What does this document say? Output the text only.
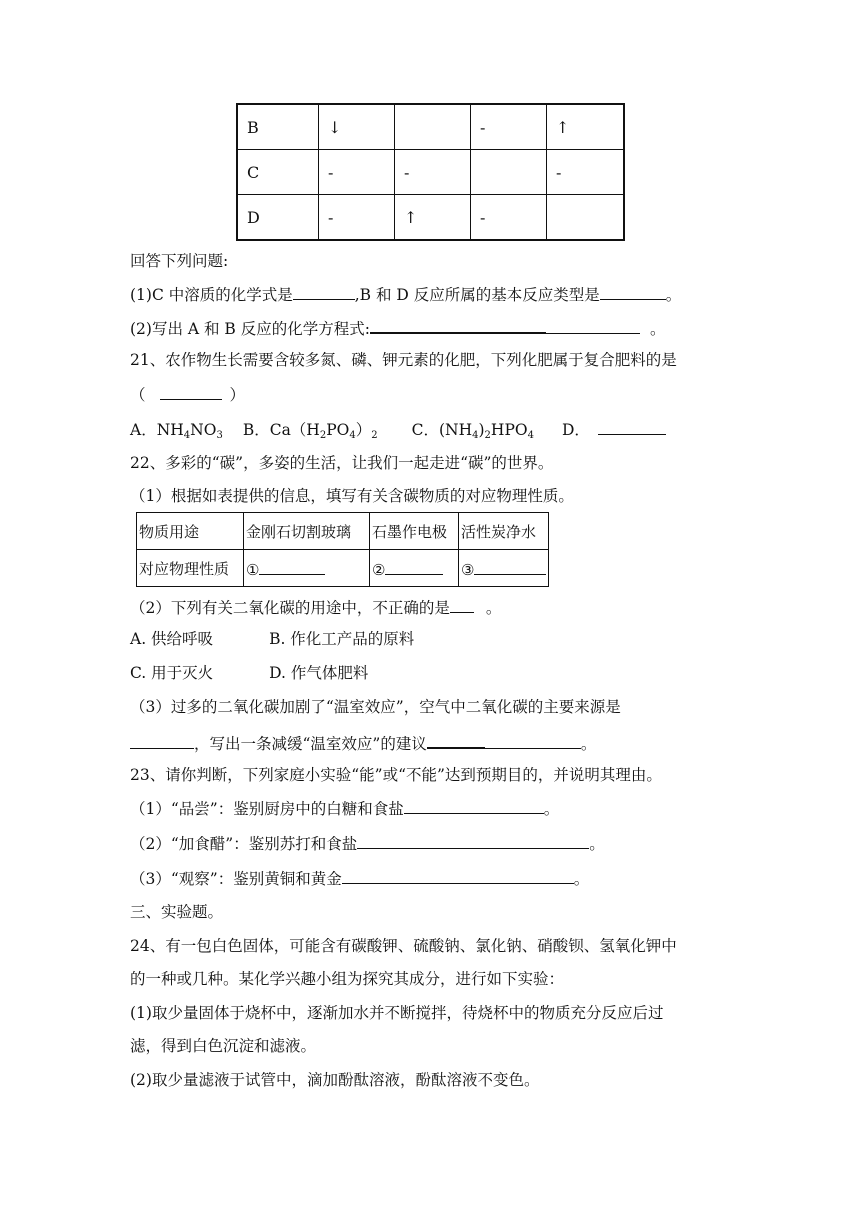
B	↓		-	↑
C	-	-		-
D	-	↑	-	
回答下列问题:
(1)C 中溶质的化学式是	,B 和 D 反应所属的基本反应类型是	。
(2)写出 A 和 B 反应的化学方程式:	。
21、农作物生长需要含较多氮、磷、钾元素的化肥，下列化肥属于复合肥料的是
（	）
A．$NH_4NO_3$ B．$Ca(H_2PO_4)_2$ C．$(NH_4)_2HPO_4$ D．
22、多彩的“碳”，多姿的生活，让我们一起走进“碳”的世界。
（1）根据如表提供的信息，填写有关含碳物质的对应物理性质。
物质用途	金刚石切割玻璃	石墨作电极	活性炭净水
对应物理性质	①	②	③
（2）下列有关二氧化碳的用途中，不正确的是 。
A. 供给呼吸	B. 作化工产品的原料
C. 用于灭火	D. 作气体肥料
（3）过多的二氧化碳加剧了“温室效应”，空气中二氧化碳的主要来源是
，写出一条减缓“温室效应”的建议	。
23、请你判断，下列家庭小实验“能”或“不能”达到预期目的，并说明其理由。
（1）“品尝”：鉴别厨房中的白糖和食盐	。
（2）“加食醋”：鉴别苏打和食盐	。
（3）“观察”：鉴别黄铜和黄金	。
三、实验题。
24、有一包白色固体，可能含有碳酸钾、硫酸钠、氯化钠、硝酸钡、氢氧化钾中
的一种或几种。某化学兴趣小组为探究其成分，进行如下实验：
(1)取少量固体于烧杯中，逐渐加水并不断搅拌，待烧杯中的物质充分反应后过
滤，得到白色沉淀和滤液。
(2)取少量滤液于试管中，滴加酚酞溶液，酚酞溶液不变色。
